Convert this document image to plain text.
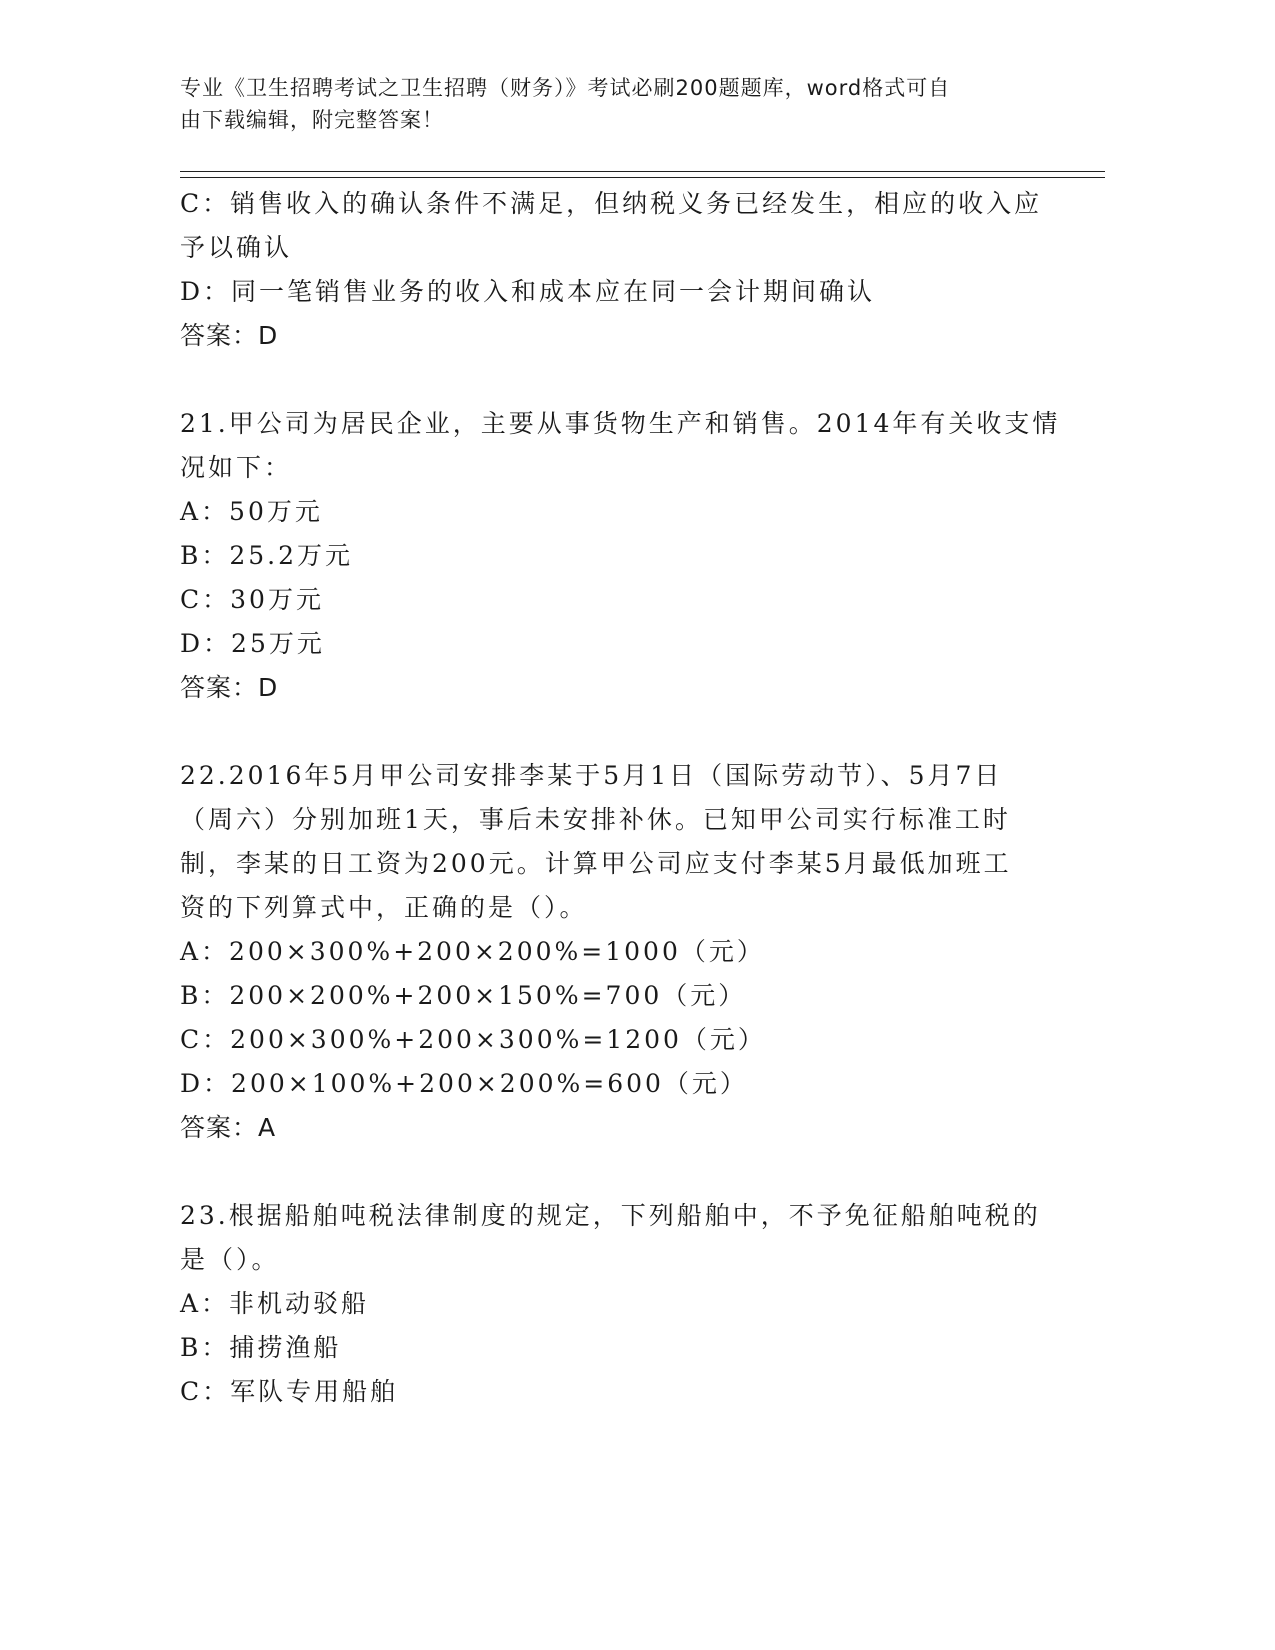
专业《卫生招聘考试之卫生招聘（财务）》考试必刷200题题库，word格式可自
由下载编辑，附完整答案！
C：销售收入的确认条件不满足，但纳税义务已经发生，相应的收入应
予以确认
D：同一笔销售业务的收入和成本应在同一会计期间确认
答案：D
21.甲公司为居民企业，主要从事货物生产和销售。2014年有关收支情
况如下：
A：50万元
B：25.2万元
C：30万元
D：25万元
答案：D
22.2016年5月甲公司安排李某于5月1日（国际劳动节）、5月7日
（周六）分别加班1天，事后未安排补休。已知甲公司实行标准工时
制，李某的日工资为200元。计算甲公司应支付李某5月最低加班工
资的下列算式中，正确的是（）。
A：200×300%+200×200%=1000（元）
B：200×200%+200×150%=700（元）
C：200×300%+200×300%=1200（元）
D：200×100%+200×200%=600（元）
答案：A
23.根据船舶吨税法律制度的规定，下列船舶中，不予免征船舶吨税的
是（）。
A：非机动驳船
B：捕捞渔船
C：军队专用船舶
